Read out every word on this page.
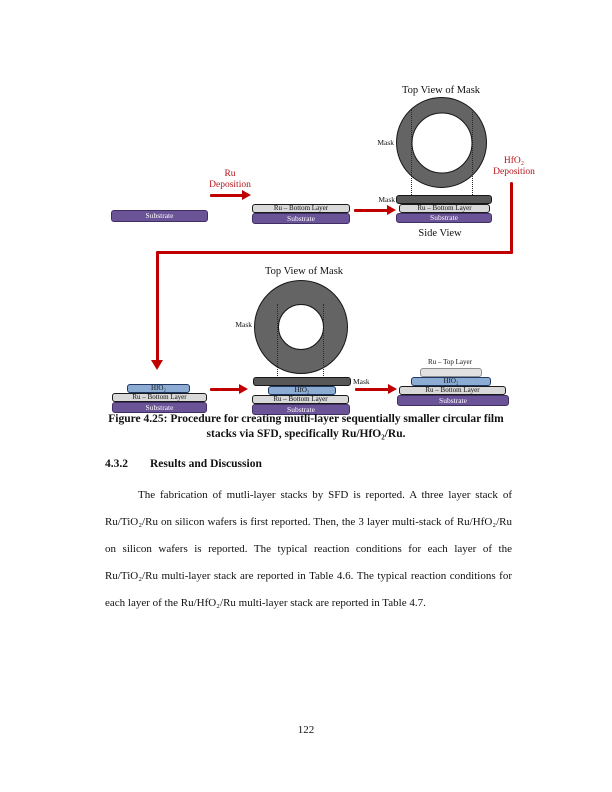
Substrate
Ru
Deposition
Ru – Bottom Layer
Substrate
Top View of Mask
Mask
Mask
Ru – Bottom Layer
Substrate
Side View
HfO₂
Deposition
HfO₂
Ru – Bottom Layer
Substrate
Top View of Mask
Mask
Mask
HfO₂
Ru – Bottom Layer
Substrate
Ru – Top Layer
HfO₂
Ru – Bottom Layer
Substrate
Figure 4.25: Procedure for creating mutli-layer sequentially smaller circular film
stacks via SFD, specifically Ru/HfO₂/Ru.
4.3.2 Results and Discussion
The fabrication of mutli-layer stacks by SFD is reported. A three layer stack of Ru/TiO₂/Ru on silicon wafers is first reported. Then, the 3 layer multi-stack of Ru/HfO₂/Ru on silicon wafers is reported. The typical reaction conditions for each layer of the Ru/TiO₂/Ru multi-layer stack are reported in Table 4.6. The typical reaction conditions for each layer of the Ru/HfO₂/Ru multi-layer stack are reported in Table 4.7.
122
